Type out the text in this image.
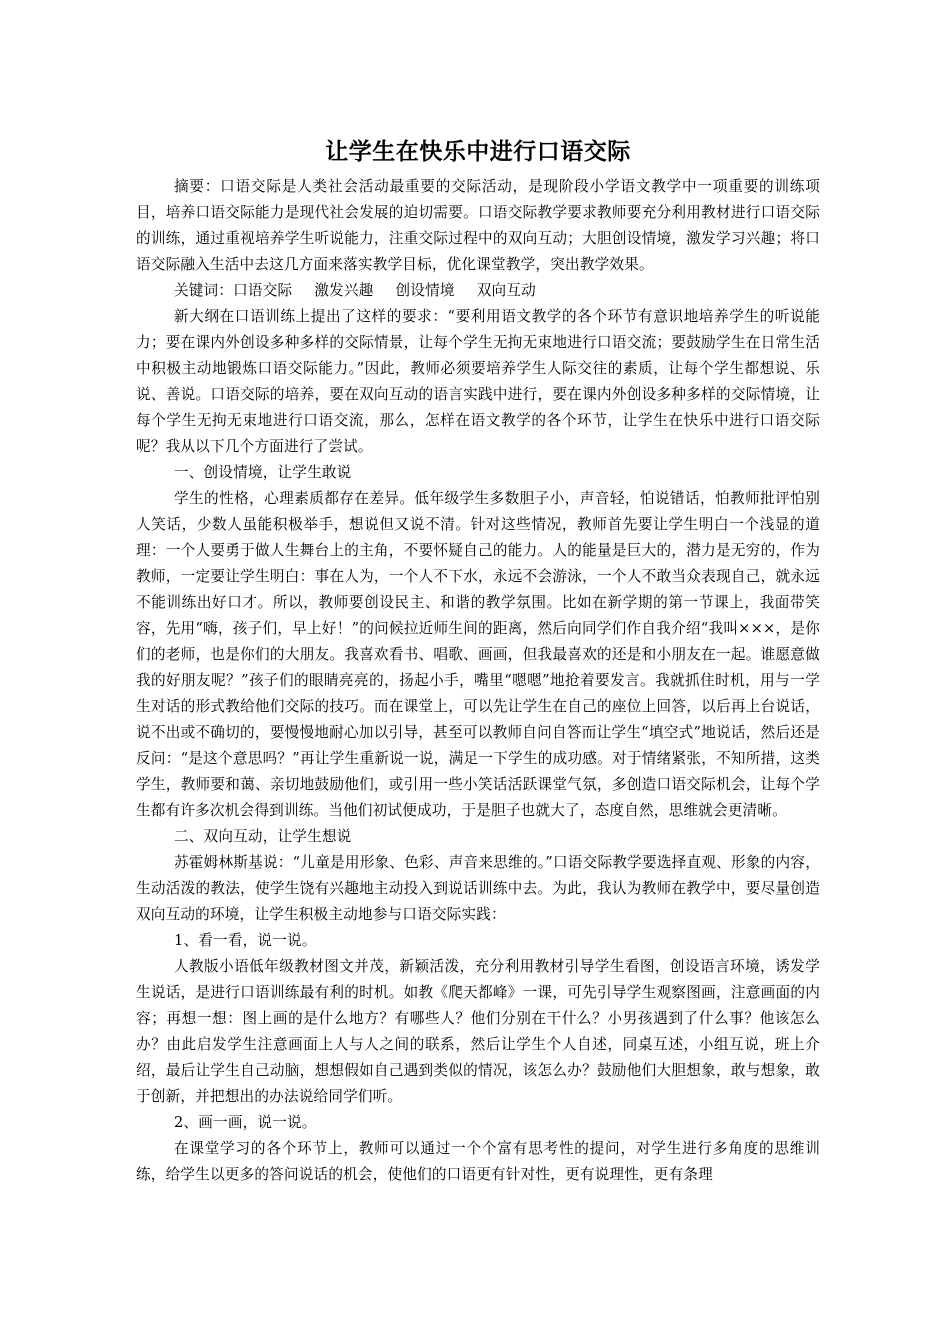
让学生在快乐中进行口语交际

摘要：口语交际是人类社会活动最重要的交际活动，是现阶段小学语文教学中一项重要的训练项目，培养口语交际能力是现代社会发展的迫切需要。口语交际教学要求教师要充分利用教材进行口语交际的训练，通过重视培养学生听说能力，注重交际过程中的双向互动；大胆创设情境，激发学习兴趣；将口语交际融入生活中去这几方面来落实教学目标，优化课堂教学，突出教学效果。

关键词：口语交际 激发兴趣 创设情境 双向互动

新大纲在口语训练上提出了这样的要求：“要利用语文教学的各个环节有意识地培养学生的听说能力；要在课内外创设多种多样的交际情景，让每个学生无拘无束地进行口语交流；要鼓励学生在日常生活中积极主动地锻炼口语交际能力。”因此，教师必须要培养学生人际交往的素质，让每个学生都想说、乐说、善说。口语交际的培养，要在双向互动的语言实践中进行，要在课内外创设多种多样的交际情境，让每个学生无拘无束地进行口语交流，那么，怎样在语文教学的各个环节，让学生在快乐中进行口语交际呢？我从以下几个方面进行了尝试。

一、创设情境，让学生敢说

学生的性格，心理素质都存在差异。低年级学生多数胆子小，声音轻，怕说错话，怕教师批评怕别人笑话，少数人虽能积极举手，想说但又说不清。针对这些情况，教师首先要让学生明白一个浅显的道理：一个人要勇于做人生舞台上的主角，不要怀疑自己的能力。人的能量是巨大的，潜力是无穷的，作为教师，一定要让学生明白：事在人为，一个人不下水，永远不会游泳，一个人不敢当众表现自己，就永远不能训练出好口才。所以，教师要创设民主、和谐的教学氛围。比如在新学期的第一节课上，我面带笑容，先用“嗨，孩子们，早上好！”的问候拉近师生间的距离，然后向同学们作自我介绍“我叫×××，是你们的老师，也是你们的大朋友。我喜欢看书、唱歌、画画，但我最喜欢的还是和小朋友在一起。谁愿意做我的好朋友呢？”孩子们的眼睛亮亮的，扬起小手，嘴里“嗯嗯”地抢着要发言。我就抓住时机，用与一学生对话的形式教给他们交际的技巧。而在课堂上，可以先让学生在自己的座位上回答，以后再上台说话，说不出或不确切的，要慢慢地耐心加以引导，甚至可以教师自问自答而让学生“填空式”地说话，然后还是反问：“是这个意思吗？”再让学生重新说一说，满足一下学生的成功感。对于情绪紧张，不知所措，这类学生，教师要和蔼、亲切地鼓励他们，或引用一些小笑话活跃课堂气氛，多创造口语交际机会，让每个学生都有许多次机会得到训练。当他们初试便成功，于是胆子也就大了，态度自然，思维就会更清晰。

二、双向互动，让学生想说

苏霍姆林斯基说：“儿童是用形象、色彩、声音来思维的。”口语交际教学要选择直观、形象的内容，生动活泼的教法，使学生饶有兴趣地主动投入到说话训练中去。为此，我认为教师在教学中，要尽量创造双向互动的环境，让学生积极主动地参与口语交际实践：

1、看一看，说一说。

人教版小语低年级教材图文并茂，新颖活泼，充分利用教材引导学生看图，创设语言环境，诱发学生说话，是进行口语训练最有利的时机。如教《爬天都峰》一课，可先引导学生观察图画，注意画面的内容；再想一想：图上画的是什么地方？有哪些人？他们分别在干什么？小男孩遇到了什么事？他该怎么办？由此启发学生注意画面上人与人之间的联系，然后让学生个人自述，同桌互述，小组互说，班上介绍，最后让学生自己动脑，想想假如自己遇到类似的情况，该怎么办？鼓励他们大胆想象，敢与想象，敢于创新，并把想出的办法说给同学们听。

2、画一画，说一说。

在课堂学习的各个环节上，教师可以通过一个个富有思考性的提问，对学生进行多角度的思维训练，给学生以更多的答问说话的机会，使他们的口语更有针对性，更有说理性，更有条理
